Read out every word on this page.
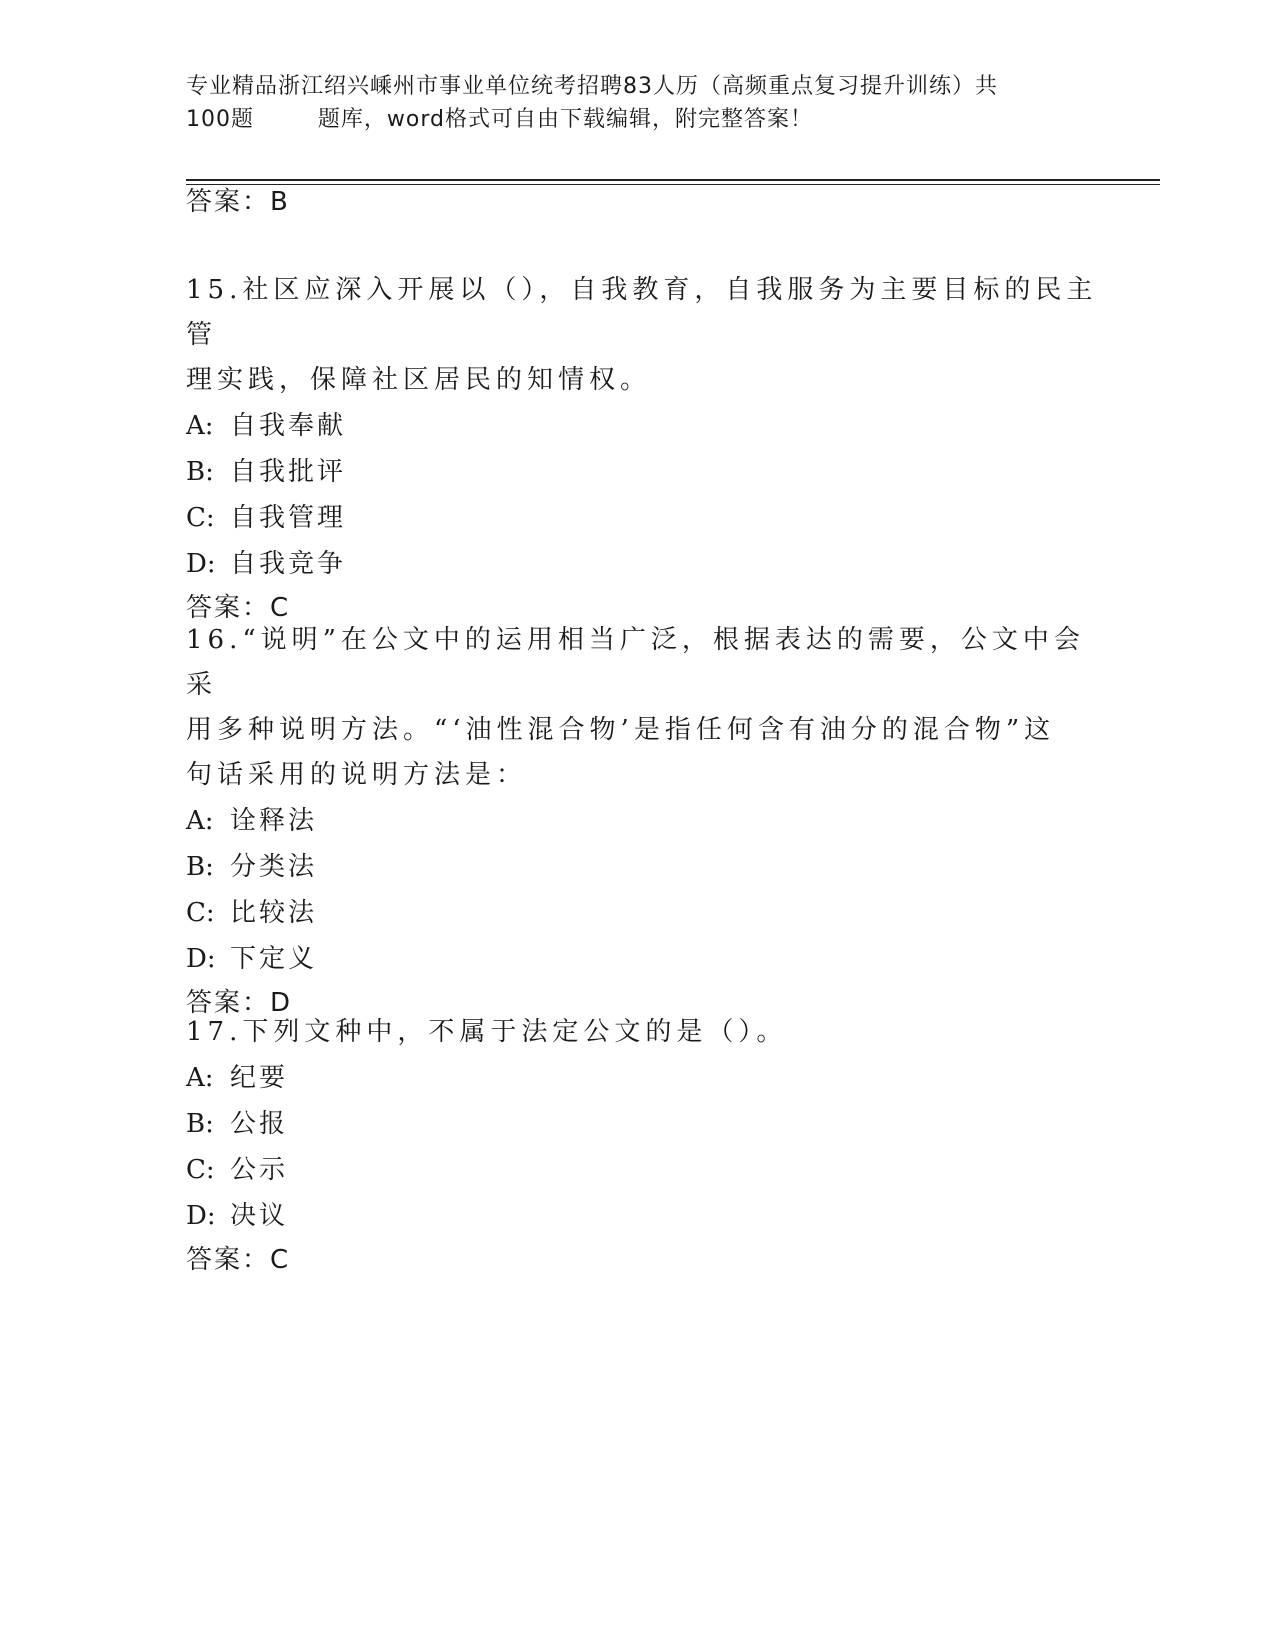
专业精品浙江绍兴嵊州市事业单位统考招聘83人历（高频重点复习提升训练）共
100题        题库，word格式可自由下载编辑，附完整答案！
答案：B
15.社区应深入开展以（），自我教育，自我服务为主要目标的民主管
理实践，保障社区居民的知情权。
A: 自我奉献
B: 自我批评
C: 自我管理
D: 自我竞争
答案：C
16.“说明”在公文中的运用相当广泛，根据表达的需要，公文中会采
用多种说明方法。“‘油性混合物’是指任何含有油分的混合物”这
句话采用的说明方法是：
A: 诠释法
B: 分类法
C: 比较法
D: 下定义
答案：D
17.下列文种中，不属于法定公文的是（）。
A: 纪要
B: 公报
C: 公示
D: 决议
答案：C
